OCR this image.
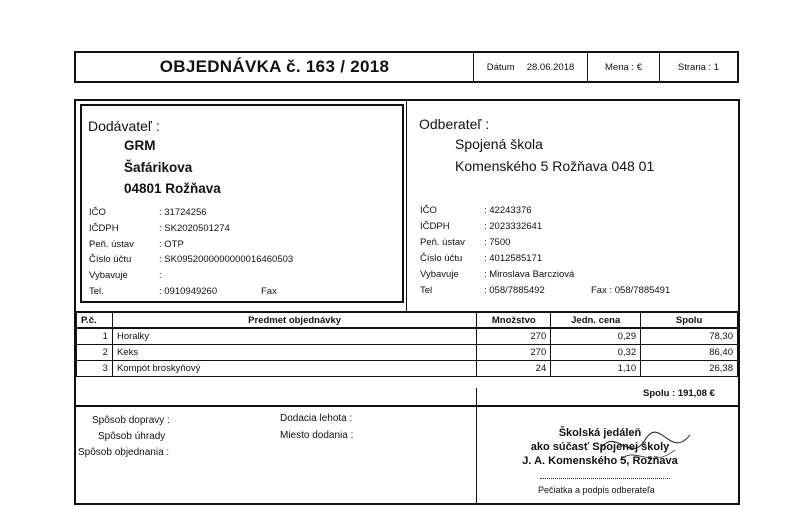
OBJEDNÁVKA č. 163 / 2018	Dátum 28.06.2018	Mena : €	Strana : 1
Dodávateľ :
GRM
Šafárikova
04801 Rožňava
IČO	: 31724256
IČDPH	: SK2020501274
Peň. ústav	: OTP
Číslo účtu	: SK0952000000000016460503
Vybavuje	:
Tel.	: 0910949260	Fax
Odberateľ :
Spojená škola
Komenského 5 Rožňava 048 01
IČO	: 42243376
IČDPH	: 2023332641
Peň. ústav : 7500
Číslo účtu : 4012585171
Vybavuje	: Miroslava Barcziová
Tel	: 058/7885492	Fax : 058/7885491
P.č.	Predmet objednávky	Množstvo	Jedn. cena	Spolu
1	Horalky	270	0,29	78,30
2	Keks	270	0,32	86,40
3	Kompót broskyňový	24	1,10	26,38
Spolu : 191,08 €
Spôsob dopravy :
Spôsob úhrady
Spôsob objednania :
Dodacia lehota :
Miesto dodania :	Školská jedáleň
ako súčasť Spojenej školy
J. A. Komenského 5, Rožňava
Pečiatka a podpis odberateľa
